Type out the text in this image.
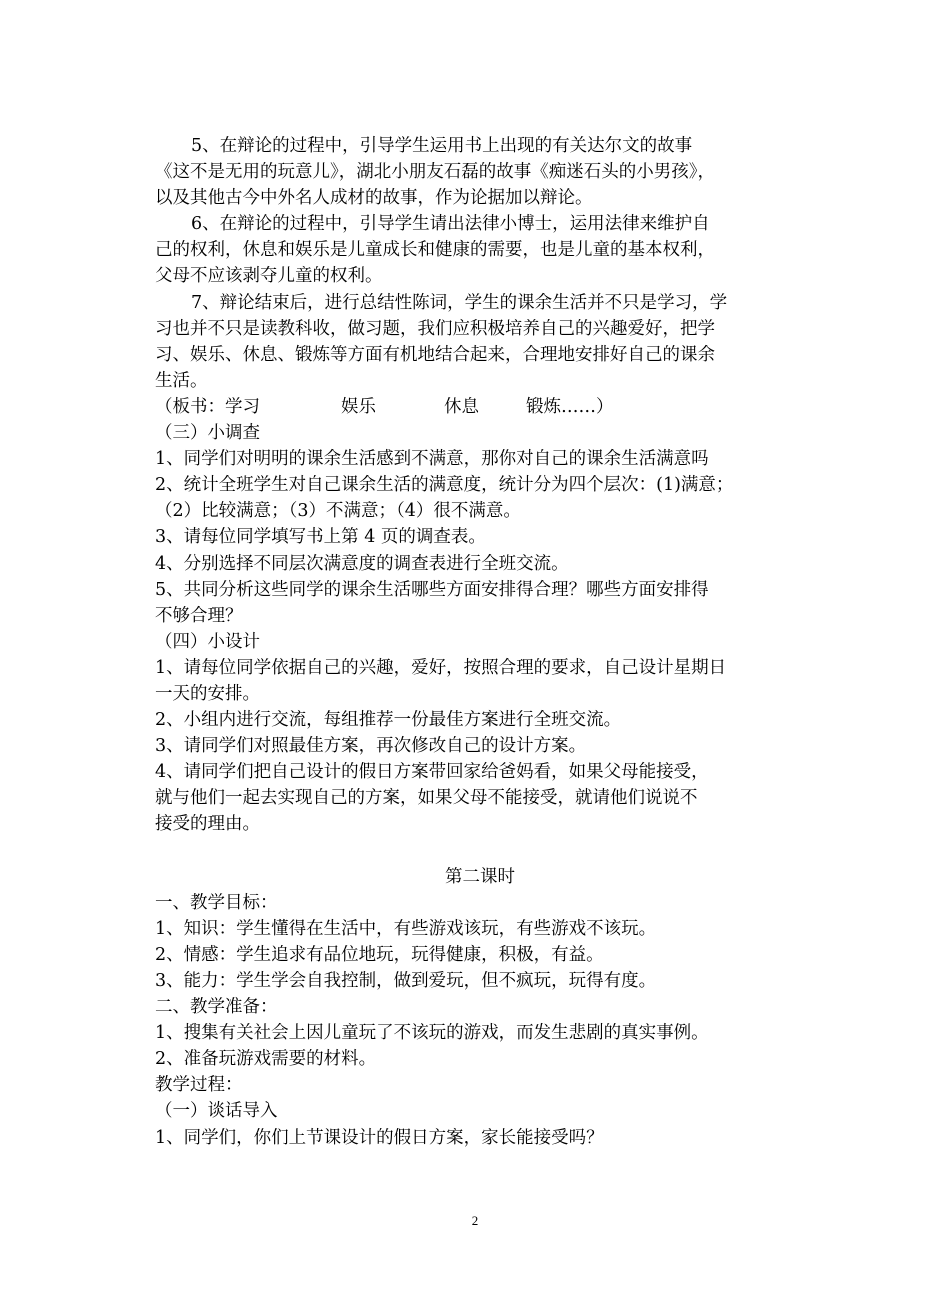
5、在辩论的过程中，引导学生运用书上出现的有关达尔文的故事
《这不是无用的玩意儿》，湖北小朋友石磊的故事《痴迷石头的小男孩》，
以及其他古今中外名人成材的故事，作为论据加以辩论。
6、在辩论的过程中，引导学生请出法律小博士，运用法律来维护自
己的权利，休息和娱乐是儿童成长和健康的需要，也是儿童的基本权利，
父母不应该剥夺儿童的权利。
7、辩论结束后，进行总结性陈词，学生的课余生活并不只是学习，学
习也并不只是读教科收，做习题，我们应积极培养自己的兴趣爱好，把学
习、娱乐、休息、锻炼等方面有机地结合起来，合理地安排好自己的课余
生活。
（板书：学习	娱乐	休息	锻炼……）
（三）小调查
1、同学们对明明的课余生活感到不满意，那你对自己的课余生活满意吗
2、统计全班学生对自己课余生活的满意度，统计分为四个层次：(1)满意；
（2）比较满意；（3）不满意；（4）很不满意。
3、请每位同学填写书上第 4 页的调查表。
4、分别选择不同层次满意度的调查表进行全班交流。
5、共同分析这些同学的课余生活哪些方面安排得合理？哪些方面安排得
不够合理？
（四）小设计
1、请每位同学依据自己的兴趣，爱好，按照合理的要求，自己设计星期日
一天的安排。
2、小组内进行交流，每组推荐一份最佳方案进行全班交流。
3、请同学们对照最佳方案，再次修改自己的设计方案。
4、请同学们把自己设计的假日方案带回家给爸妈看，如果父母能接受，
就与他们一起去实现自己的方案，如果父母不能接受，就请他们说说不
接受的理由。
第二课时
一、教学目标：
1、知识：学生懂得在生活中，有些游戏该玩，有些游戏不该玩。
2、情感：学生追求有品位地玩，玩得健康，积极，有益。
3、能力：学生学会自我控制，做到爱玩，但不疯玩，玩得有度。
二、教学准备：
1、搜集有关社会上因儿童玩了不该玩的游戏，而发生悲剧的真实事例。
2、准备玩游戏需要的材料。
教学过程：
（一）谈话导入
1、同学们，你们上节课设计的假日方案，家长能接受吗？
2
